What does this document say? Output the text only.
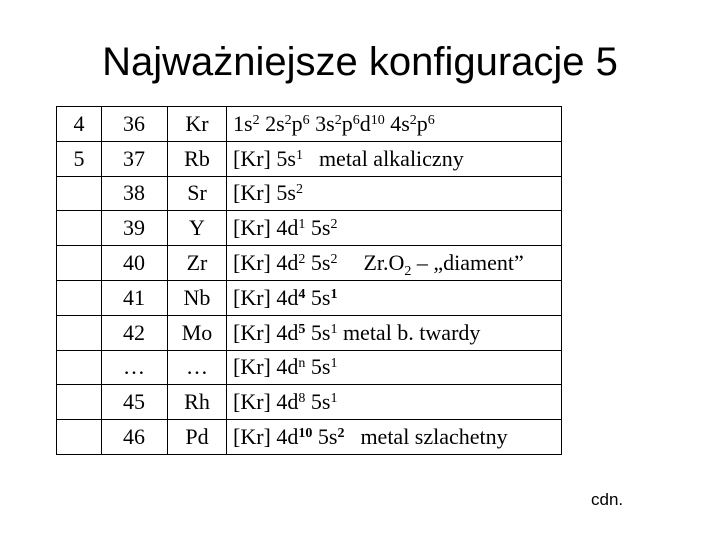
Najważniejsze konfiguracje 5
4	36	Kr	$1s^2$ $2s^2p^6$ $3s^2p^6d^{10}$ $4s^2p^6$
5	37	Rb	[Kr] $5s^1$ metal alkaliczny
	38	Sr	[Kr] $5s^2$
	39	Y	[Kr] $4d^1$ $5s^2$
	40	Zr	[Kr] $4d^2$ $5s^2$ $Zr.O_2$ – „diament”
	41	Nb	[Kr] $4d^4$ $5s^1$
	42	Mo	[Kr] $4d^5$ $5s^1$ metal b. twardy
	…	…	[Kr] $4d^n$ $5s^1$
	45	Rh	[Kr] $4d^8$ $5s^1$
	46	Pd	[Kr] $4d^{10}$ $5s^2$ metal szlachetny
cdn.
